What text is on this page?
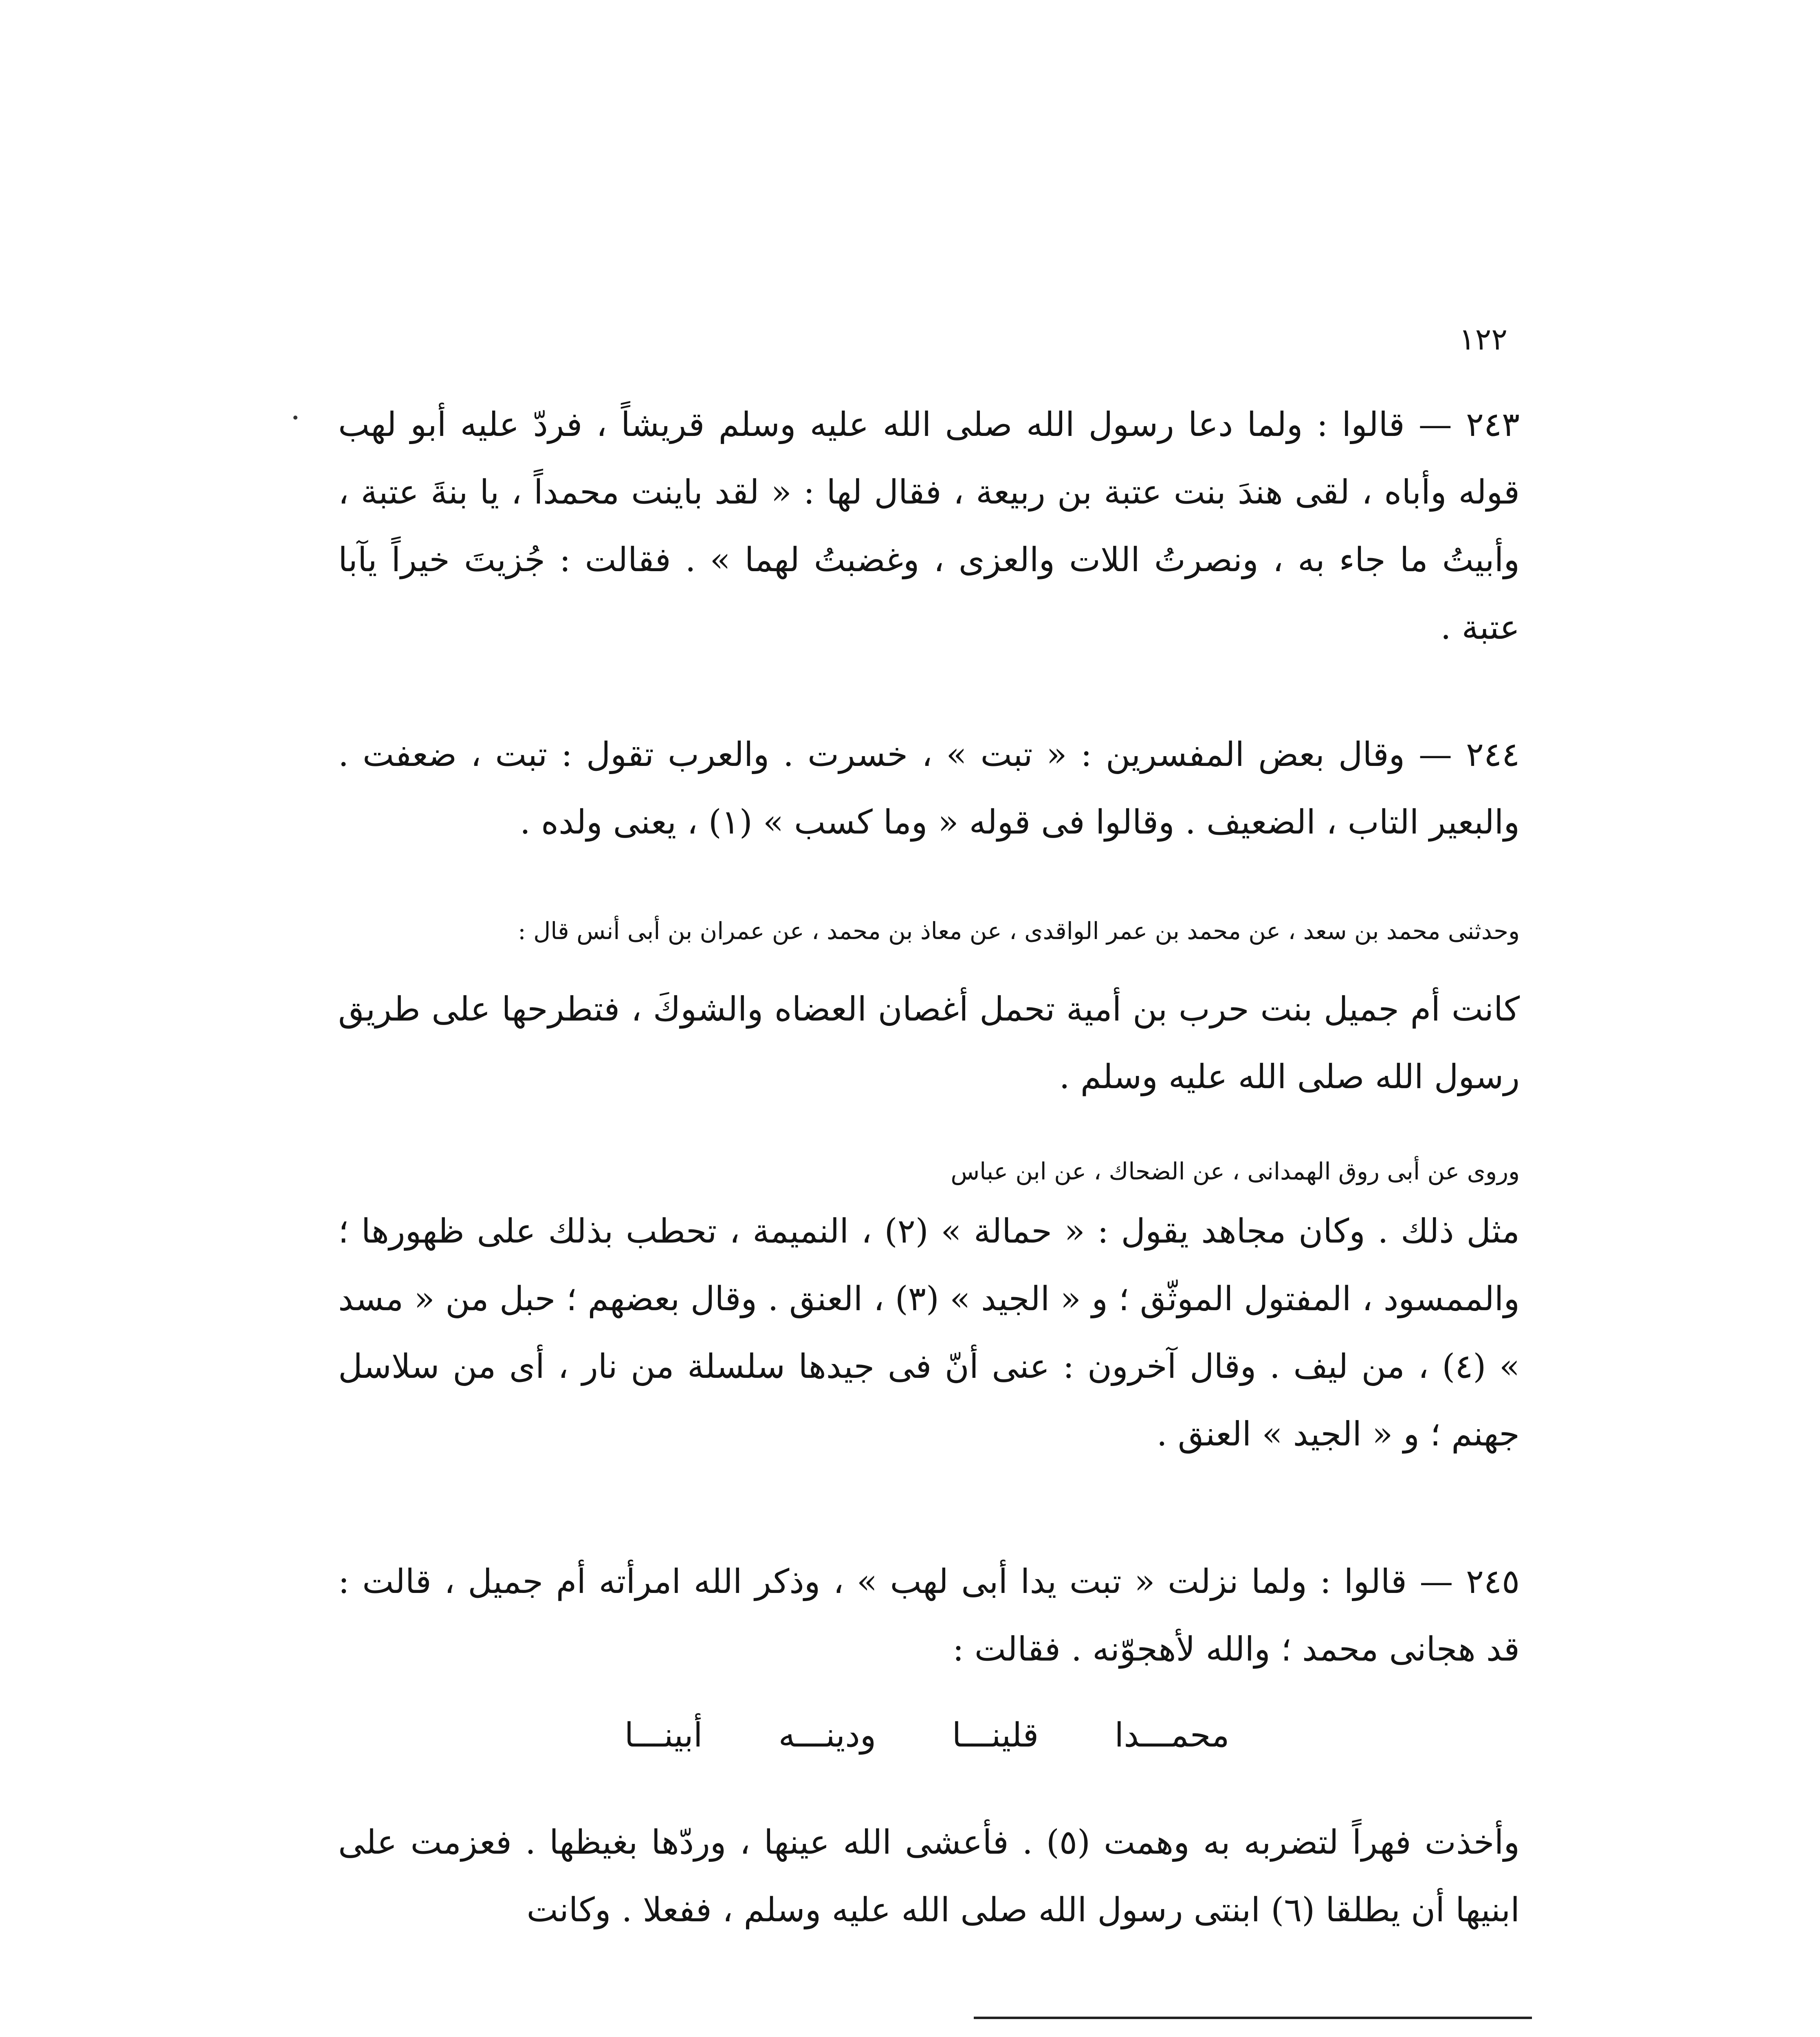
١٢٢

٢٤٣ — قالوا : ولما دعا رسول الله صلى الله عليه وسلم قريشاً ، فردّ عليه أبو لهب قوله وأباه ، لقى هندَ بنت عتبة بن ربيعة ، فقال لها : « لقد باينت محمداً ، يا بنةَ عتبة ، وأبيتُ ما جاء به ، ونصرتُ اللات والعزى ، وغضبتُ لهما » . فقالت : جُزيتَ خيراً يآبا عتبة .

٢٤٤ — وقال بعض المفسرين : « تبت » ، خسرت . والعرب تقول : تبت ، ضعفت . والبعير التاب ، الضعيف . وقالوا فى قوله « وما كسب » (١) ، يعنى ولده .

وحدثنى محمد بن سعد ، عن محمد بن عمر الواقدى ، عن معاذ بن محمد ، عن عمران بن أبى أنس قال :

كانت أم جميل بنت حرب بن أمية تحمل أغصان العضاه والشوكَ ، فتطرحها على طريق رسول الله صلى الله عليه وسلم .

وروى عن أبى روق الهمدانى ، عن الضحاك ، عن ابن عباس

مثل ذلك . وكان مجاهد يقول : « حمالة » (٢) ، النميمة ، تحطب بذلك على ظهورها ؛ والممسود ، المفتول الموثّق ؛ و « الجيد » (٣) ، العنق . وقال بعضهم ؛ حبل من « مسد » (٤) ، من ليف . وقال آخرون : عنى أنّ فى جيدها سلسلة من نار ، أى من سلاسل جهنم ؛ و « الجيد » العنق .

٢٤٥ — قالوا : ولما نزلت « تبت يدا أبى لهب » ، وذكر الله امرأته أم جميل ، قالت : قد هجانى محمد ؛ والله لأهجوّنه . فقالت :

محمـــدا قلينـــا ودينـــه أبينـــا

وأخذت فهراً لتضربه به وهمت (٥) . فأعشى الله عينها ، وردّها بغيظها . فعزمت على ابنيها أن يطلقا (٦) ابنتى رسول الله صلى الله عليه وسلم ، ففعلا . وكانت
